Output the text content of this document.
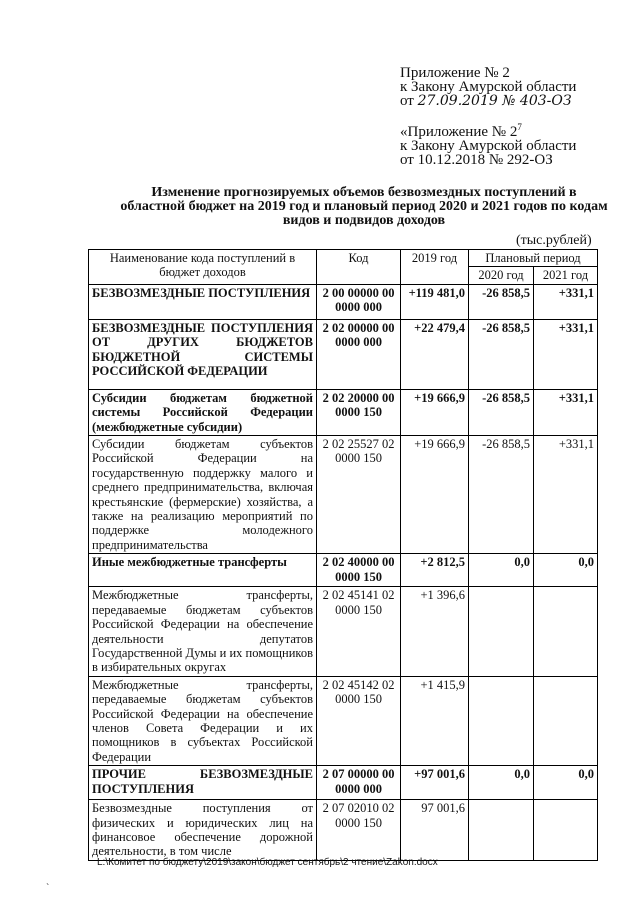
Приложение № 2
к Закону Амурской области
от 27.09.2019 № 403-ОЗ
«Приложение № $2^7$
к Закону Амурской области
от 10.12.2018 № 292-ОЗ
Изменение прогнозируемых объемов безвозмездных поступлений в областной бюджет на 2019 год и плановый период 2020 и 2021 годов по кодам видов и подвидов доходов
(тыс.рублей)
Наименование кода поступлений в бюджет доходов	Код	2019 год	Плановый период	
			2020 год	2021 год
БЕЗВОЗМЕЗДНЫЕ ПОСТУПЛЕНИЯ	2 00 00000 00 0000 000	+119 481,0	-26 858,5	+331,1
БЕЗВОЗМЕЗДНЫЕ ПОСТУПЛЕНИЯ ОТ ДРУГИХ БЮДЖЕТОВ БЮДЖЕТНОЙ СИСТЕМЫ РОССИЙСКОЙ ФЕДЕРАЦИИ	2 02 00000 00 0000 000	+22 479,4	-26 858,5	+331,1
Субсидии бюджетам бюджетной системы Российской Федерации (межбюджетные субсидии)	2 02 20000 00 0000 150	+19 666,9	-26 858,5	+331,1
Субсидии бюджетам субъектов Российской Федерации на государственную поддержку малого и среднего предпринимательства, включая крестьянские (фермерские) хозяйства, а также на реализацию мероприятий по поддержке молодежного предпринимательства	2 02 25527 02 0000 150	+19 666,9	-26 858,5	+331,1
Иные межбюджетные трансферты	2 02 40000 00 0000 150	+2 812,5	0,0	0,0
Межбюджетные трансферты, передаваемые бюджетам субъектов Российской Федерации на обеспечение деятельности депутатов Государственной Думы и их помощников в избирательных округах	2 02 45141 02 0000 150	+1 396,6		
Межбюджетные трансферты, передаваемые бюджетам субъектов Российской Федерации на обеспечение членов Совета Федерации и их помощников в субъектах Российской Федерации	2 02 45142 02 0000 150	+1 415,9		
ПРОЧИЕ БЕЗВОЗМЕЗДНЫЕ ПОСТУПЛЕНИЯ	2 07 00000 00 0000 000	+97 001,6	0,0	0,0
Безвозмездные поступления от физических и юридических лиц на финансовое обеспечение дорожной деятельности, в том числе	2 07 02010 02 0000 150	97 001,6		
L:\Комитет по бюджету\2019\закон\бюджет сентябрь\2 чтение\Zakon.docx
`
